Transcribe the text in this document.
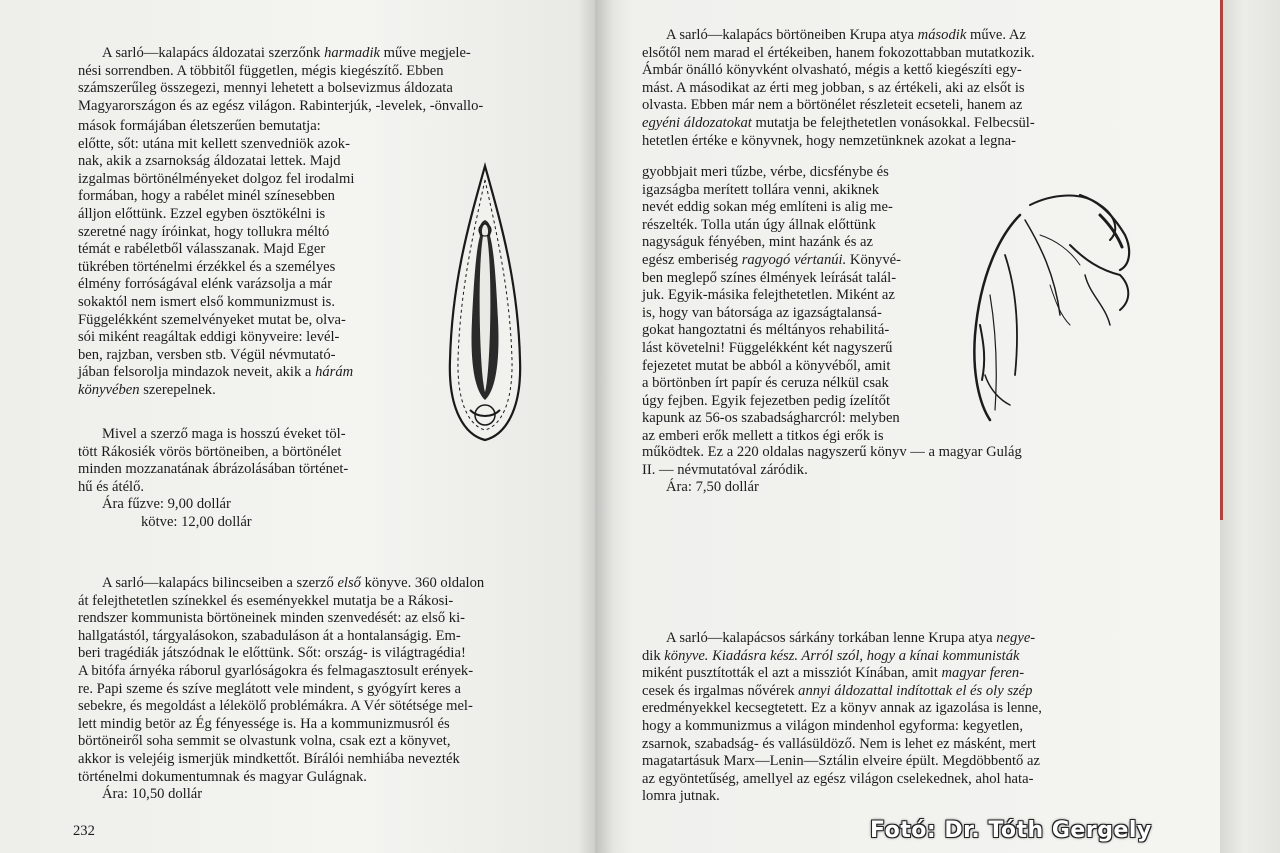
A sarló—kalapács áldozatai szerzőnk harmadik műve megjele-

nési sorrendben. A többitől független, mégis kiegészítő. Ebben

számszerűleg összegezi, mennyi lehetett a bolsevizmus áldozata

Magyarországon és az egész világon. Rabinterjúk, -levelek, -önvallo-

mások formájában életszerűen bemutatja:

előtte, sőt: utána mit kellett szenvedniök azok-

nak, akik a zsarnokság áldozatai lettek. Majd

izgalmas börtönélményeket dolgoz fel irodalmi

formában, hogy a rabélet minél színesebben

álljon előttünk. Ezzel egyben ösztökélni is

szeretné nagy íróinkat, hogy tollukra méltó

témát e rabéletből válasszanak. Majd Eger

tükrében történelmi érzékkel és a személyes

élmény forróságával elénk varázsolja a már

sokaktól nem ismert első kommunizmust is.

Függelékként szemelvényeket mutat be, olva-

sói miként reagáltak eddigi könyveire: levél-

ben, rajzban, versben stb. Végül névmutató-

jában felsorolja mindazok neveit, akik a hárám

könyvében szerepelnek.

Mivel a szerző maga is hosszú éveket töl-

tött Rákosiék vörös börtöneiben, a börtönélet

minden mozzanatának ábrázolásában történet-

hű és átélő.

Ára fűzve: 9,00 dollár

kötve: 12,00 dollár

A sarló—kalapács bilincseiben a szerző első könyve. 360 oldalon

át felejthetetlen színekkel és eseményekkel mutatja be a Rákosi-

rendszer kommunista börtöneinek minden szenvedését: az első ki-

hallgatástól, tárgyalásokon, szabaduláson át a hontalanságig. Em-

beri tragédiák játszódnak le előttünk. Sőt: ország- is világtragédia!

A bitófa árnyéka ráborul gyarlóságokra és felmagasztosult erények-

re. Papi szeme és szíve meglátott vele mindent, s gyógyírt keres a

sebekre, és megoldást a lélekölő problémákra. A Vér sötétsége mel-

lett mindig betör az Ég fényessége is. Ha a kommunizmusról és

börtöneiről soha semmit se olvastunk volna, csak ezt a könyvet,

akkor is velejéig ismerjük mindkettőt. Bírálói nemhiába nevezték

történelmi dokumentumnak és magyar Gulágnak.

Ára: 10,50 dollár

232

A sarló—kalapács börtöneiben Krupa atya második műve. Az

elsőtől nem marad el értékeiben, hanem fokozottabban mutatkozik.

Ámbár önálló könyvként olvasható, mégis a kettő kiegészíti egy-

mást. A másodikat az érti meg jobban, s az értékeli, aki az elsőt is

olvasta. Ebben már nem a börtönélet részleteit ecseteli, hanem az

egyéni áldozatokat mutatja be felejthetetlen vonásokkal. Felbecsül-

hetetlen értéke e könyvnek, hogy nemzetünknek azokat a legna-

gyobbjait meri tűzbe, vérbe, dicsfénybe és

igazságba merített tollára venni, akiknek

nevét eddig sokan még említeni is alig me-

részelték. Tolla után úgy állnak előttünk

nagyságuk fényében, mint hazánk és az

egész emberiség ragyogó vértanúi. Könyvé-

ben meglepő színes élmények leírását talál-

juk. Egyik-másika felejthetetlen. Miként az

is, hogy van bátorsága az igazságtalansá-

gokat hangoztatni és méltányos rehabilitá-

lást követelni! Függelékként két nagyszerű

fejezetet mutat be abból a könyvéből, amit

a börtönben írt papír és ceruza nélkül csak

úgy fejben. Egyik fejezetben pedig ízelítőt

kapunk az 56-os szabadságharcról: melyben

az emberi erők mellett a titkos égi erők is

működtek. Ez a 220 oldalas nagyszerű könyv — a magyar Gulág

II. — névmutatóval záródik.

Ára: 7,50 dollár

A sarló—kalapácsos sárkány torkában lenne Krupa atya negye-

dik könyve. Kiadásra kész. Arról szól, hogy a kínai kommunisták

miként pusztították el azt a missziót Kínában, amit magyar feren-

cesek és irgalmas nővérek annyi áldozattal indítottak el és oly szép

eredményekkel kecsegtetett. Ez a könyv annak az igazolása is lenne,

hogy a kommunizmus a világon mindenhol egyforma: kegyetlen,

zsarnok, szabadság- és vallásüldöző. Nem is lehet ez másként, mert

magatartásuk Marx—Lenin—Sztálin elveire épült. Megdöbbentő az

az egyöntetűség, amellyel az egész világon cselekednek, ahol hata-

lomra jutnak.

Fotó: Dr. Tóth Gergely
